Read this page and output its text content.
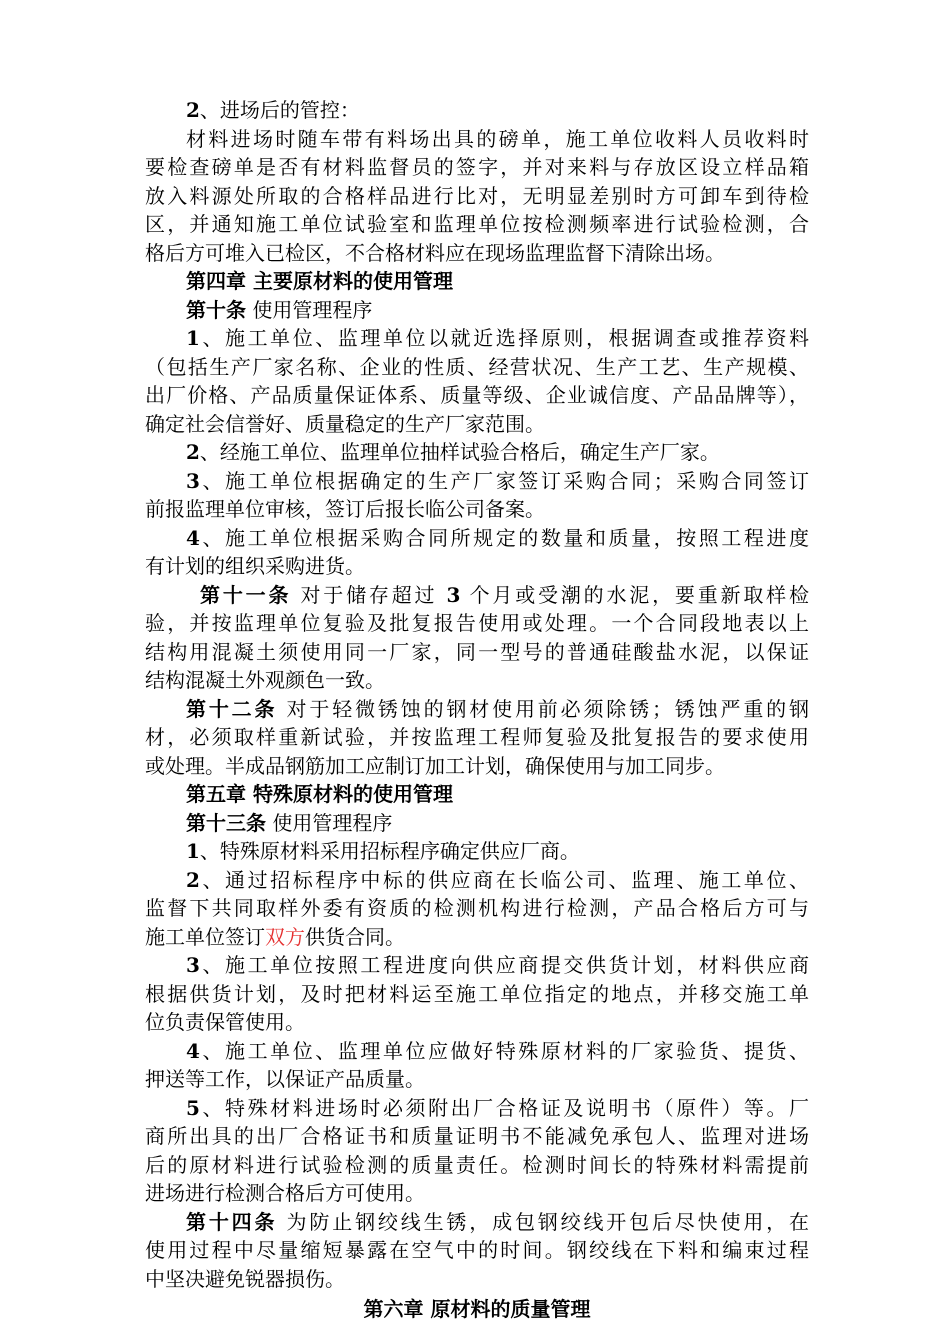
2、进场后的管控：
材料进场时随车带有料场出具的磅单，施工单位收料人员收料时
要检查磅单是否有材料监督员的签字，并对来料与存放区设立样品箱
放入料源处所取的合格样品进行比对，无明显差别时方可卸车到待检
区，并通知施工单位试验室和监理单位按检测频率进行试验检测，合
格后方可堆入已检区，不合格材料应在现场监理监督下清除出场。
第四章 主要原材料的使用管理
第十条 使用管理程序
1、施工单位、监理单位以就近选择原则，根据调查或推荐资料
（包括生产厂家名称、企业的性质、经营状况、生产工艺、生产规模、
出厂价格、产品质量保证体系、质量等级、企业诚信度、产品品牌等），
确定社会信誉好、质量稳定的生产厂家范围。
2、经施工单位、监理单位抽样试验合格后，确定生产厂家。
3、施工单位根据确定的生产厂家签订采购合同；采购合同签订
前报监理单位审核，签订后报长临公司备案。
4、施工单位根据采购合同所规定的数量和质量，按照工程进度
有计划的组织采购进货。
第十一条 对于储存超过 3 个月或受潮的水泥，要重新取样检
验，并按监理单位复验及批复报告使用或处理。一个合同段地表以上
结构用混凝土须使用同一厂家，同一型号的普通硅酸盐水泥，以保证
结构混凝土外观颜色一致。
第十二条 对于轻微锈蚀的钢材使用前必须除锈；锈蚀严重的钢
材，必须取样重新试验，并按监理工程师复验及批复报告的要求使用
或处理。半成品钢筋加工应制订加工计划，确保使用与加工同步。
第五章 特殊原材料的使用管理
第十三条 使用管理程序
1、特殊原材料采用招标程序确定供应厂商。
2、通过招标程序中标的供应商在长临公司、监理、施工单位、
监督下共同取样外委有资质的检测机构进行检测，产品合格后方可与
施工单位签订双方供货合同。
3、施工单位按照工程进度向供应商提交供货计划，材料供应商
根据供货计划，及时把材料运至施工单位指定的地点，并移交施工单
位负责保管使用。
4、施工单位、监理单位应做好特殊原材料的厂家验货、提货、
押送等工作，以保证产品质量。
5、特殊材料进场时必须附出厂合格证及说明书（原件）等。厂
商所出具的出厂合格证书和质量证明书不能减免承包人、监理对进场
后的原材料进行试验检测的质量责任。检测时间长的特殊材料需提前
进场进行检测合格后方可使用。
第十四条 为防止钢绞线生锈，成包钢绞线开包后尽快使用，在
使用过程中尽量缩短暴露在空气中的时间。钢绞线在下料和编束过程
中坚决避免锐器损伤。
第六章 原材料的质量管理
